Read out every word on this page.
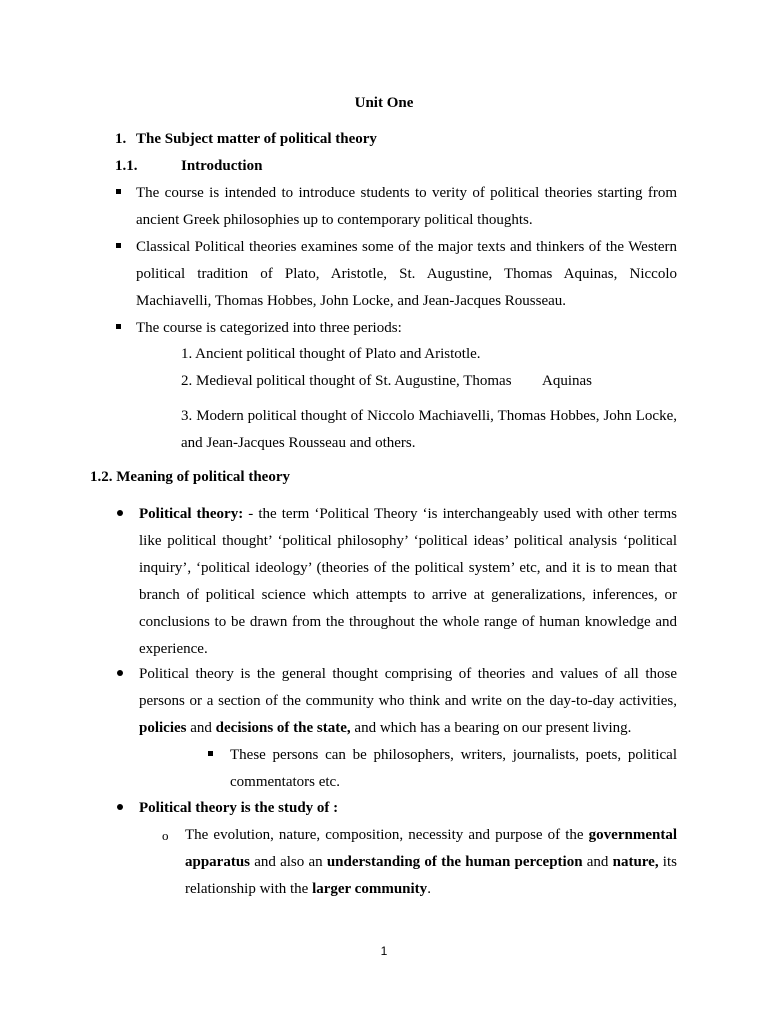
Unit One
1. The Subject matter of political theory
1.1.	Introduction
The course is intended to introduce students to verity of political theories starting from
ancient Greek philosophies up to contemporary political thoughts.
Classical Political theories examines some of the major texts and thinkers of the Western
political tradition of Plato, Aristotle, St. Augustine, Thomas Aquinas, Niccolo
Machiavelli, Thomas Hobbes, John Locke, and Jean-Jacques Rousseau.
The course is categorized into three periods:
1. Ancient political thought of Plato and Aristotle.
2. Medieval political thought of St. Augustine, Thomas Aquinas
3. Modern political thought of Niccolo Machiavelli, Thomas Hobbes, John Locke,
and Jean-Jacques Rousseau and others.
1.2. Meaning of political theory
Political theory: - the term ‘Political Theory ‘is interchangeably used with other terms
like political thought’ ‘political philosophy’ ‘political ideas’ political analysis ‘political
inquiry’, ‘political ideology’ (theories of the political system’ etc, and it is to mean that
branch of political science which attempts to arrive at generalizations, inferences, or
conclusions to be drawn from the throughout the whole range of human knowledge and
experience.
Political theory is the general thought comprising of theories and values of all those
persons or a section of the community who think and write on the day-to-day activities,
policies and decisions of the state, and which has a bearing on our present living.
These persons can be philosophers, writers, journalists, poets, political
commentators etc.
Political theory is the study of :
o The evolution, nature, composition, necessity and purpose of the governmental
apparatus and also an understanding of the human perception and nature, its
relationship with the larger community.
1
